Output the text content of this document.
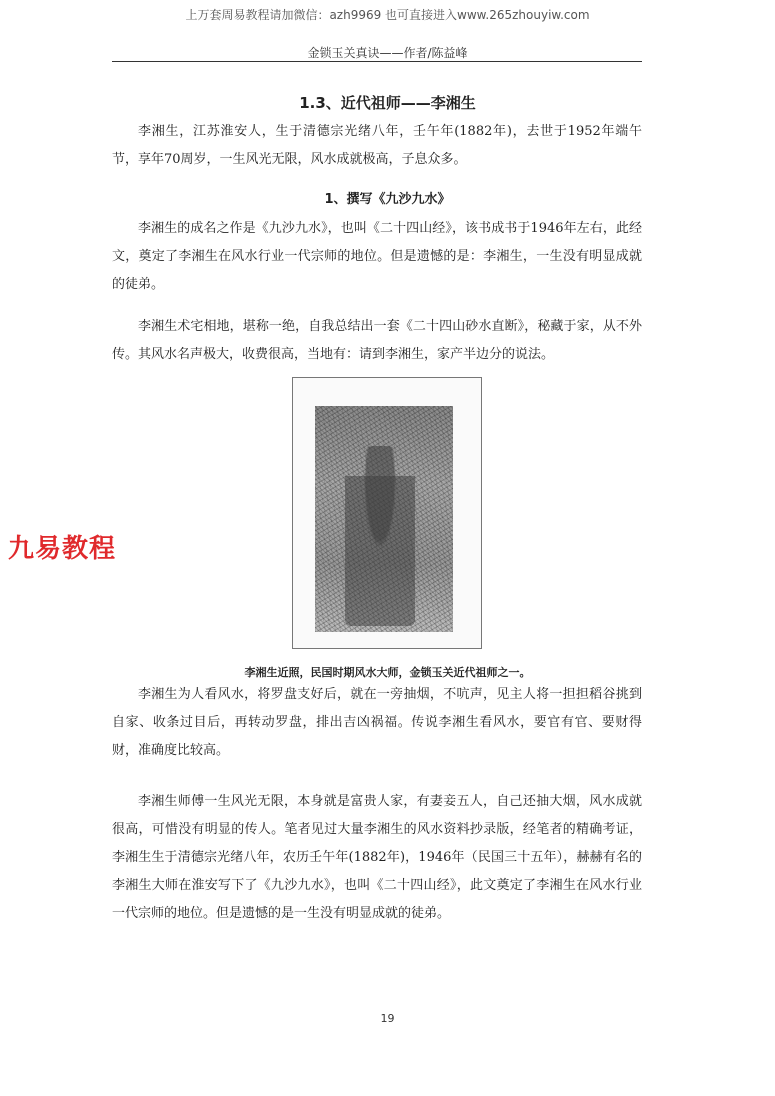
上万套周易教程请加微信：azh9969 也可直接进入www.265zhouyiw.com
金锁玉关真诀——作者/陈益峰
1.3、近代祖师——李湘生

李湘生，江苏淮安人，生于清德宗光绪八年，壬午年(1882年)，去世于1952年端午节，享年70周岁，一生风光无限，风水成就极高，子息众多。

1、撰写《九沙九水》

李湘生的成名之作是《九沙九水》，也叫《二十四山经》，该书成书于1946年左右，此经文，奠定了李湘生在风水行业一代宗师的地位。但是遗憾的是：李湘生，一生没有明显成就的徒弟。

李湘生术宅相地，堪称一绝，自我总结出一套《二十四山砂水直断》，秘藏于家，从不外传。其风水名声极大，收费很高，当地有：请到李湘生，家产半边分的说法。

李湘生近照，民国时期风水大师，金锁玉关近代祖师之一。
九易教程

李湘生为人看风水，将罗盘支好后，就在一旁抽烟，不吭声，见主人将一担担稻谷挑到自家、收条过目后，再转动罗盘，排出吉凶祸福。传说李湘生看风水，要官有官、要财得财，准确度比较高。

李湘生师傅一生风光无限，本身就是富贵人家，有妻妾五人，自己还抽大烟，风水成就很高，可惜没有明显的传人。笔者见过大量李湘生的风水资料抄录版，经笔者的精确考证，李湘生生于清德宗光绪八年，农历壬午年(1882年)，1946年（民国三十五年），赫赫有名的李湘生大师在淮安写下了《九沙九水》，也叫《二十四山经》，此文奠定了李湘生在风水行业一代宗师的地位。但是遗憾的是一生没有明显成就的徒弟。

19
